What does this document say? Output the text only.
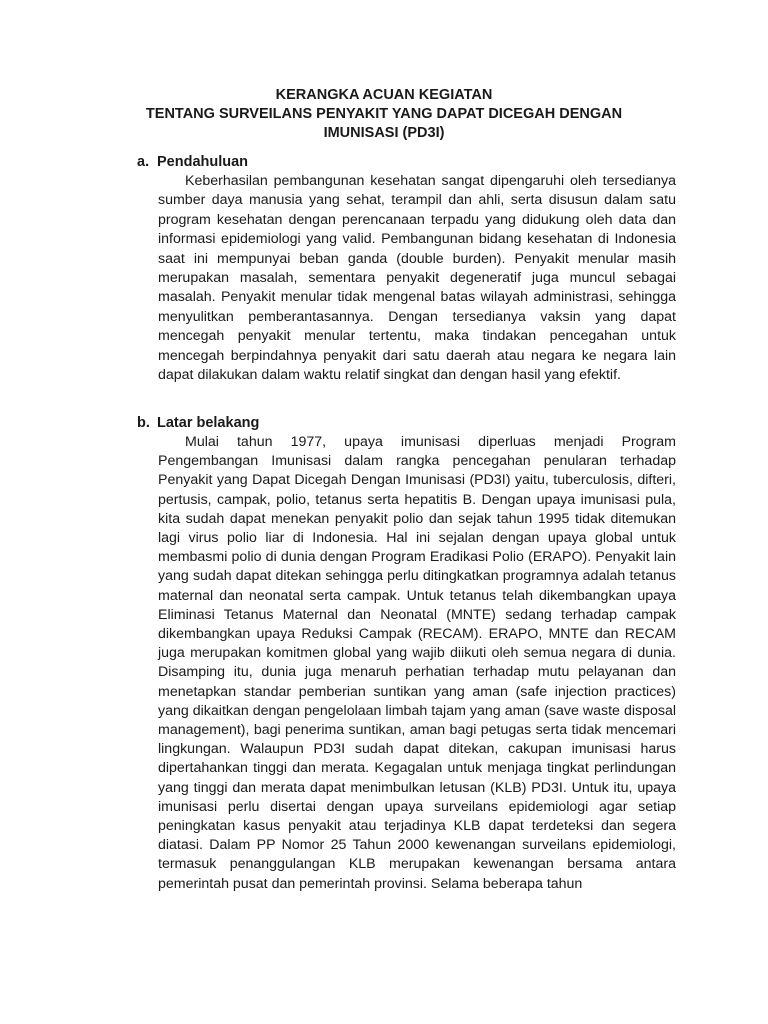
KERANGKA ACUAN KEGIATAN

TENTANG SURVEILANS PENYAKIT YANG DAPAT DICEGAH DENGAN

IMUNISASI (PD3I)

a. Pendahuluan

Keberhasilan pembangunan kesehatan sangat dipengaruhi oleh tersedianya sumber daya manusia yang sehat, terampil dan ahli, serta disusun dalam satu program kesehatan dengan perencanaan terpadu yang didukung oleh data dan informasi epidemiologi yang valid. Pembangunan bidang kesehatan di Indonesia saat ini mempunyai beban ganda (double burden). Penyakit menular masih merupakan masalah, sementara penyakit degeneratif juga muncul sebagai masalah. Penyakit menular tidak mengenal batas wilayah administrasi, sehingga menyulitkan pemberantasannya. Dengan tersedianya vaksin yang dapat mencegah penyakit menular tertentu, maka tindakan pencegahan untuk mencegah berpindahnya penyakit dari satu daerah atau negara ke negara lain dapat dilakukan dalam waktu relatif singkat dan dengan hasil yang efektif.

b. Latar belakang

Mulai tahun 1977, upaya imunisasi diperluas menjadi Program Pengembangan Imunisasi dalam rangka pencegahan penularan terhadap Penyakit yang Dapat Dicegah Dengan Imunisasi (PD3I) yaitu, tuberculosis, difteri, pertusis, campak, polio, tetanus serta hepatitis B. Dengan upaya imunisasi pula, kita sudah dapat menekan penyakit polio dan sejak tahun 1995 tidak ditemukan lagi virus polio liar di Indonesia. Hal ini sejalan dengan upaya global untuk membasmi polio di dunia dengan Program Eradikasi Polio (ERAPO). Penyakit lain yang sudah dapat ditekan sehingga perlu ditingkatkan programnya adalah tetanus maternal dan neonatal serta campak. Untuk tetanus telah dikembangkan upaya Eliminasi Tetanus Maternal dan Neonatal (MNTE) sedang terhadap campak dikembangkan upaya Reduksi Campak (RECAM). ERAPO, MNTE dan RECAM juga merupakan komitmen global yang wajib diikuti oleh semua negara di dunia. Disamping itu, dunia juga menaruh perhatian terhadap mutu pelayanan dan menetapkan standar pemberian suntikan yang aman (safe injection practices) yang dikaitkan dengan pengelolaan limbah tajam yang aman (save waste disposal management), bagi penerima suntikan, aman bagi petugas serta tidak mencemari lingkungan. Walaupun PD3I sudah dapat ditekan, cakupan imunisasi harus dipertahankan tinggi dan merata. Kegagalan untuk menjaga tingkat perlindungan yang tinggi dan merata dapat menimbulkan letusan (KLB) PD3I. Untuk itu, upaya imunisasi perlu disertai dengan upaya surveilans epidemiologi agar setiap peningkatan kasus penyakit atau terjadinya KLB dapat terdeteksi dan segera diatasi. Dalam PP Nomor 25 Tahun 2000 kewenangan surveilans epidemiologi, termasuk penanggulangan KLB merupakan kewenangan bersama antara pemerintah pusat dan pemerintah provinsi. Selama beberapa tahun
